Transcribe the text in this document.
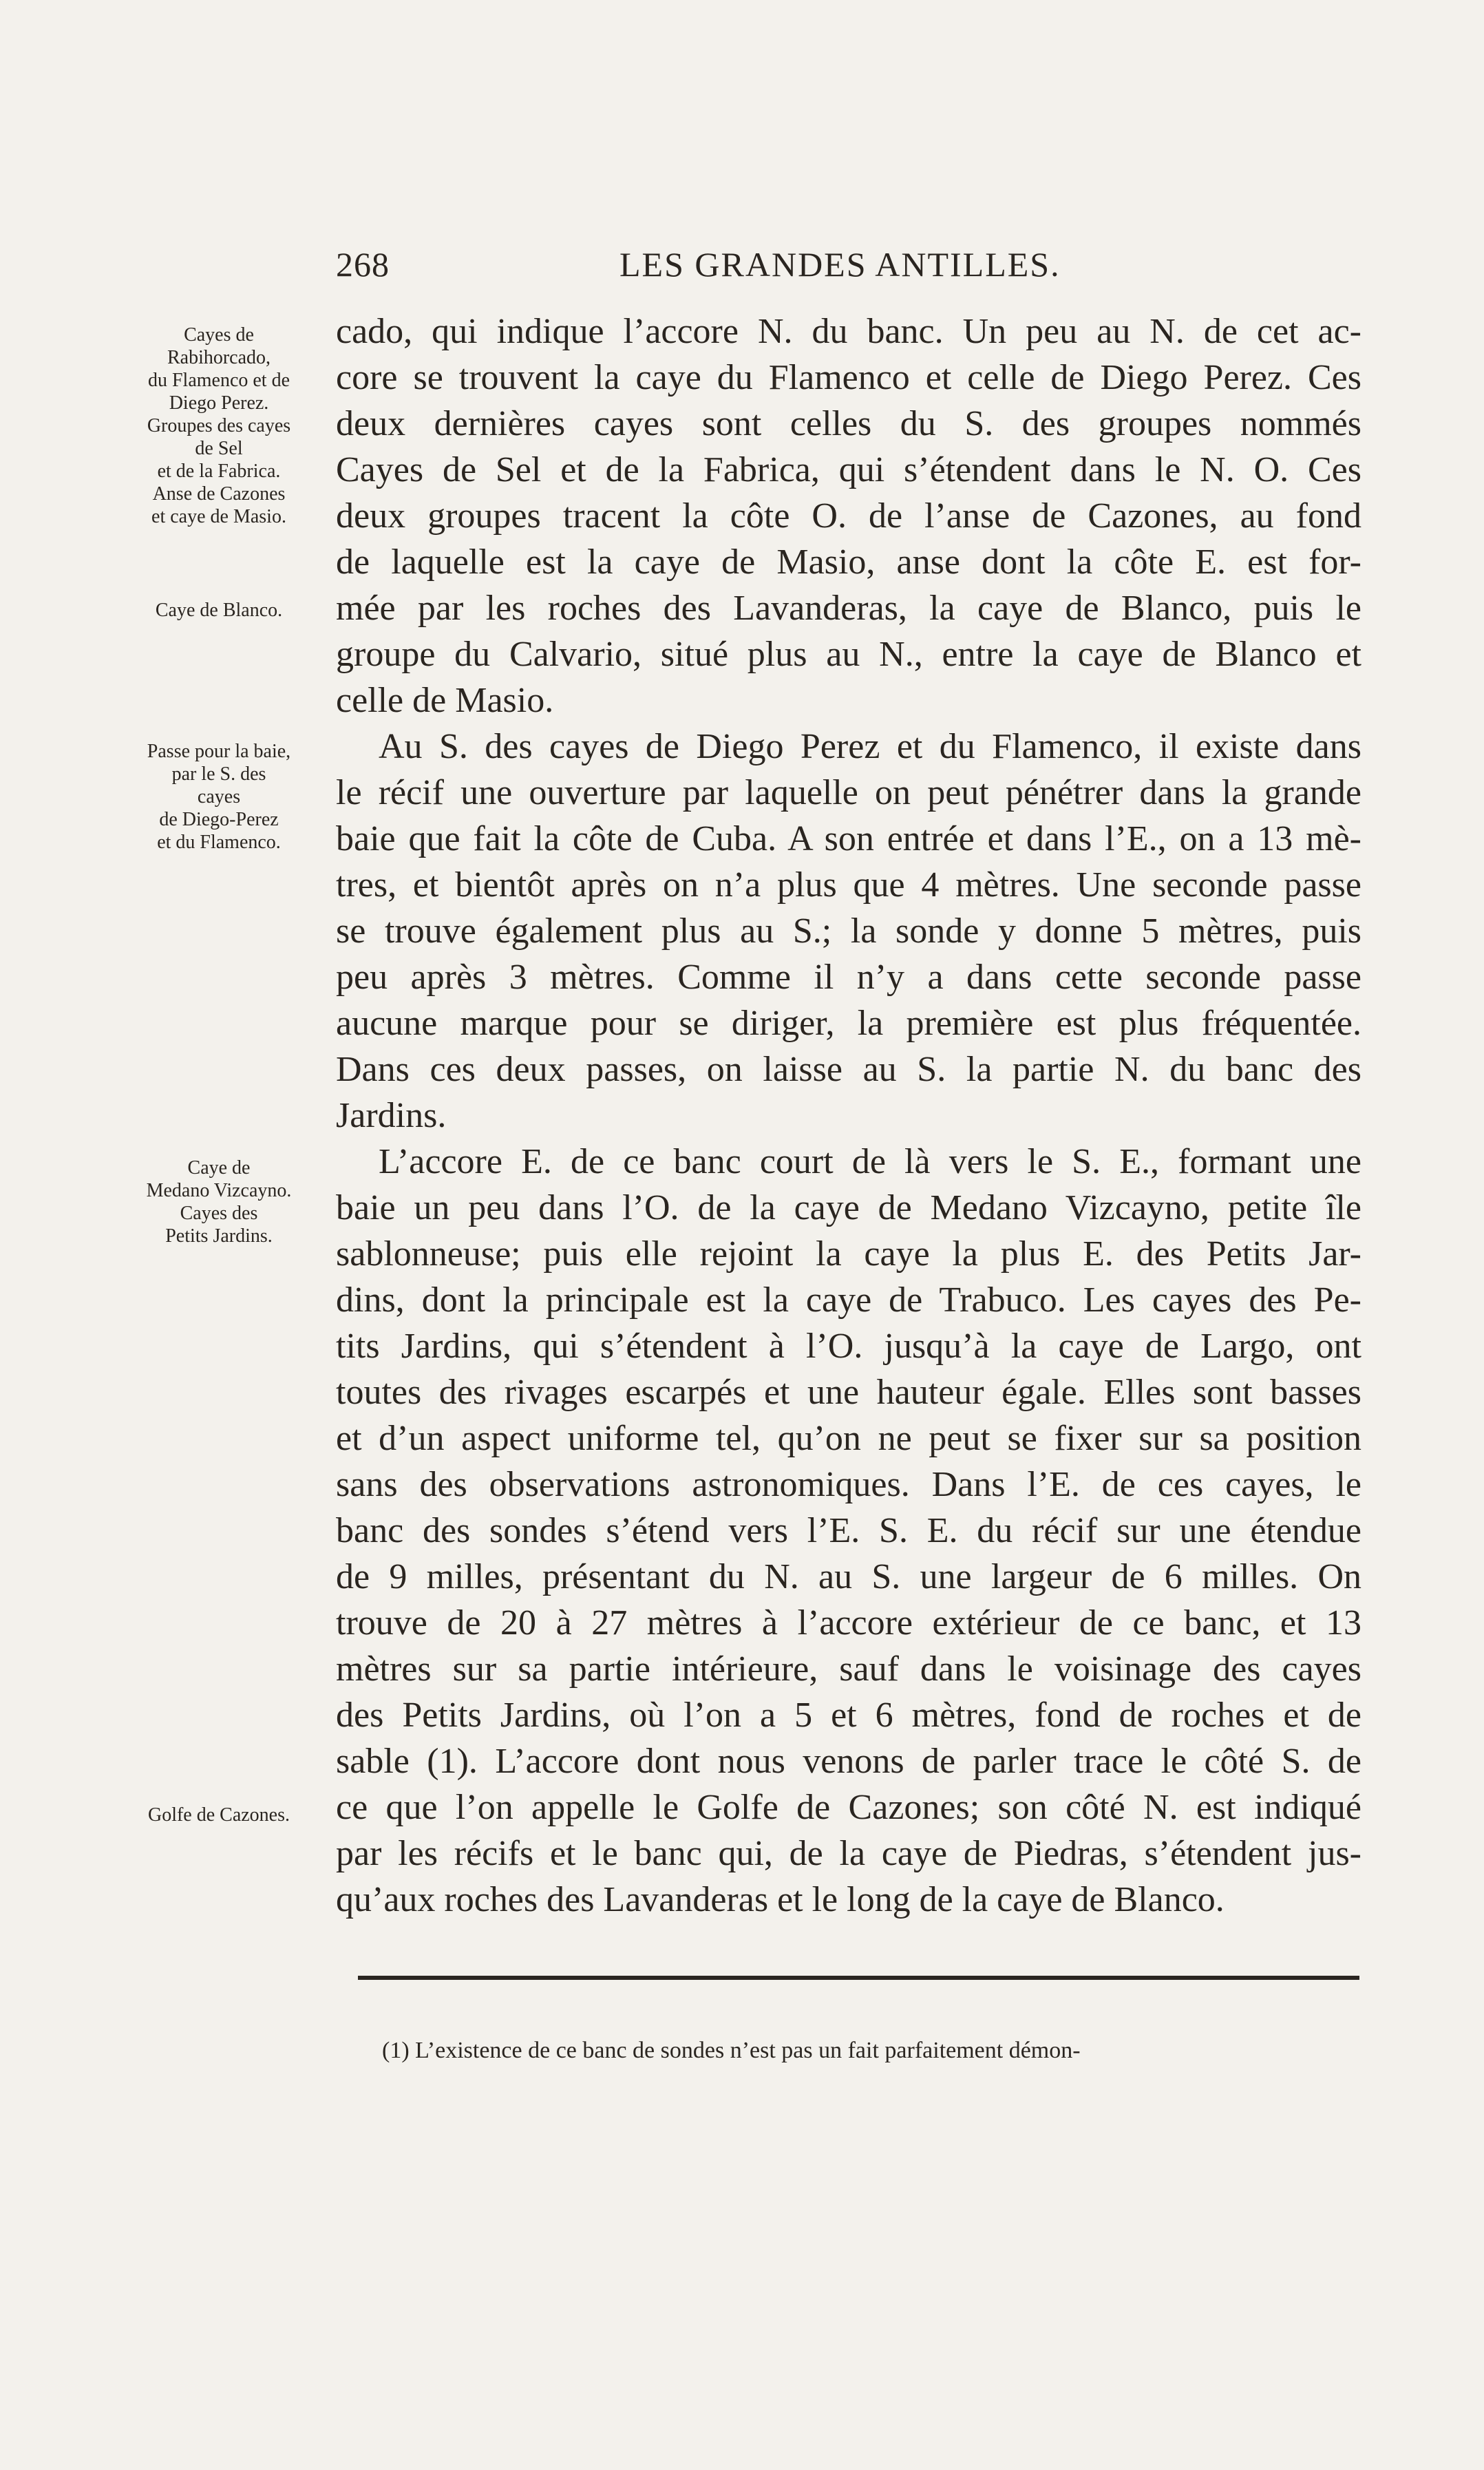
268	LES GRANDES ANTILLES.
Cayes de
Rabihorcado,
du Flamenco et de
Diego Perez.
Groupes des cayes
de Sel
et de la Fabrica.
Anse de Cazones
et caye de Masio.
Caye de Blanco.
Passe pour la baie,
par le S. des
cayes
de Diego-Perez
et du Flamenco.
Caye de
Medano Vizcayno.
Cayes des
Petits Jardins.
Golfe de Cazones.
cado, qui indique l’accore N. du banc. Un peu au N. de cet ac-
core se trouvent la caye du Flamenco et celle de Diego Perez. Ces
deux dernières cayes sont celles du S. des groupes nommés
Cayes de Sel et de la Fabrica, qui s’étendent dans le N. O. Ces
deux groupes tracent la côte O. de l’anse de Cazones, au fond
de laquelle est la caye de Masio, anse dont la côte E. est for-
mée par les roches des Lavanderas, la caye de Blanco, puis le
groupe du Calvario, situé plus au N., entre la caye de Blanco et
celle de Masio.
Au S. des cayes de Diego Perez et du Flamenco, il existe dans
le récif une ouverture par laquelle on peut pénétrer dans la grande
baie que fait la côte de Cuba. A son entrée et dans l’E., on a 13 mè-
tres, et bientôt après on n’a plus que 4 mètres. Une seconde passe
se trouve également plus au S.; la sonde y donne 5 mètres, puis
peu après 3 mètres. Comme il n’y a dans cette seconde passe
aucune marque pour se diriger, la première est plus fréquentée.
Dans ces deux passes, on laisse au S. la partie N. du banc des
Jardins.
L’accore E. de ce banc court de là vers le S. E., formant une
baie un peu dans l’O. de la caye de Medano Vizcayno, petite île
sablonneuse; puis elle rejoint la caye la plus E. des Petits Jar-
dins, dont la principale est la caye de Trabuco. Les cayes des Pe-
tits Jardins, qui s’étendent à l’O. jusqu’à la caye de Largo, ont
toutes des rivages escarpés et une hauteur égale. Elles sont basses
et d’un aspect uniforme tel, qu’on ne peut se fixer sur sa position
sans des observations astronomiques. Dans l’E. de ces cayes, le
banc des sondes s’étend vers l’E. S. E. du récif sur une étendue
de 9 milles, présentant du N. au S. une largeur de 6 milles. On
trouve de 20 à 27 mètres à l’accore extérieur de ce banc, et 13
mètres sur sa partie intérieure, sauf dans le voisinage des cayes
des Petits Jardins, où l’on a 5 et 6 mètres, fond de roches et de
sable (1). L’accore dont nous venons de parler trace le côté S. de
ce que l’on appelle le Golfe de Cazones; son côté N. est indiqué
par les récifs et le banc qui, de la caye de Piedras, s’étendent jus-
qu’aux roches des Lavanderas et le long de la caye de Blanco.
(1) L’existence de ce banc de sondes n’est pas un fait parfaitement démon-
